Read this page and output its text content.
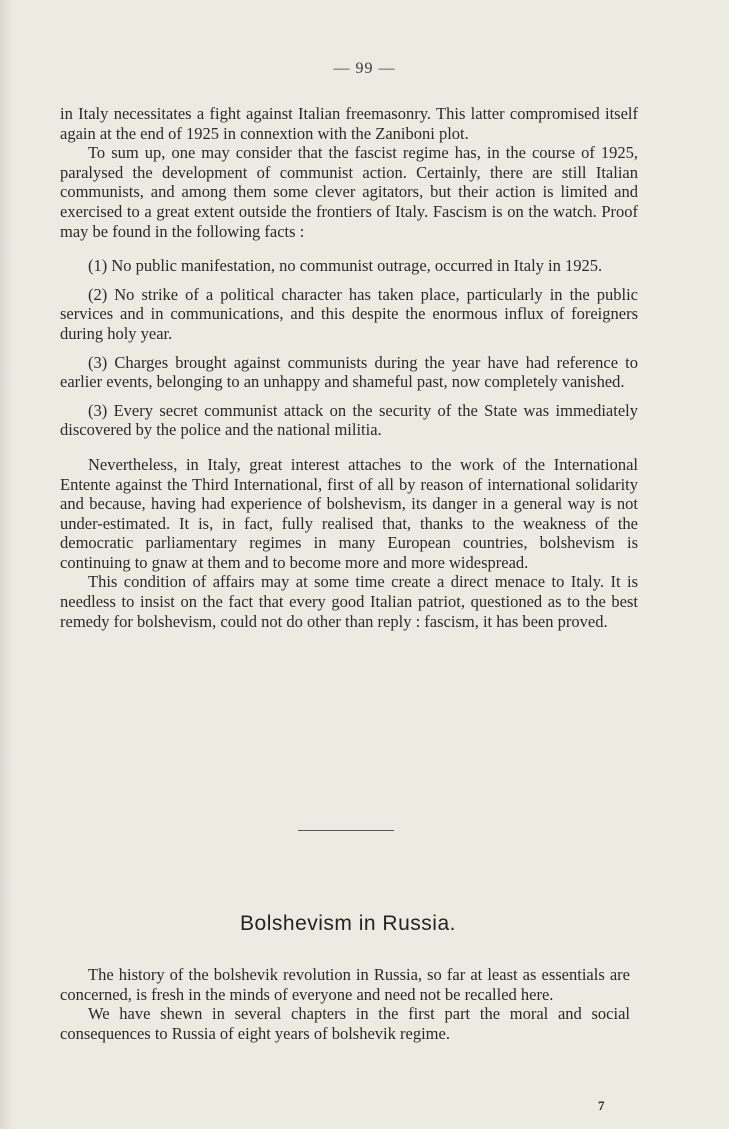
— 99 —

in Italy necessitates a fight against Italian freemasonry. This latter compromised itself again at the end of 1925 in connextion with the Zaniboni plot.

To sum up, one may consider that the fascist regime has, in the course of 1925, paralysed the development of communist action. Certainly, there are still Italian communists, and among them some clever agitators, but their action is limited and exercised to a great extent outside the frontiers of Italy. Fascism is on the watch. Proof may be found in the following facts :

(1) No public manifestation, no communist outrage, occurred in Italy in 1925.

(2) No strike of a political character has taken place, particularly in the public services and in communications, and this despite the enormous influx of foreigners during holy year.

(3) Charges brought against communists during the year have had reference to earlier events, belonging to an unhappy and shameful past, now completely vanished.

(3) Every secret communist attack on the security of the State was immediately discovered by the police and the national militia.

Nevertheless, in Italy, great interest attaches to the work of the International Entente against the Third International, first of all by reason of international solidarity and because, having had experience of bolshevism, its danger in a general way is not under-estimated. It is, in fact, fully realised that, thanks to the weakness of the democratic parliamentary regimes in many European countries, bolshevism is continuing to gnaw at them and to become more and more widespread.

This condition of affairs may at some time create a direct menace to Italy. It is needless to insist on the fact that every good Italian patriot, questioned as to the best remedy for bolshevism, could not do other than reply : fascism, it has been proved.

Bolshevism in Russia.

The history of the bolshevik revolution in Russia, so far at least as essentials are concerned, is fresh in the minds of everyone and need not be recalled here.

We have shewn in several chapters in the first part the moral and social consequences to Russia of eight years of bolshevik regime.

7
